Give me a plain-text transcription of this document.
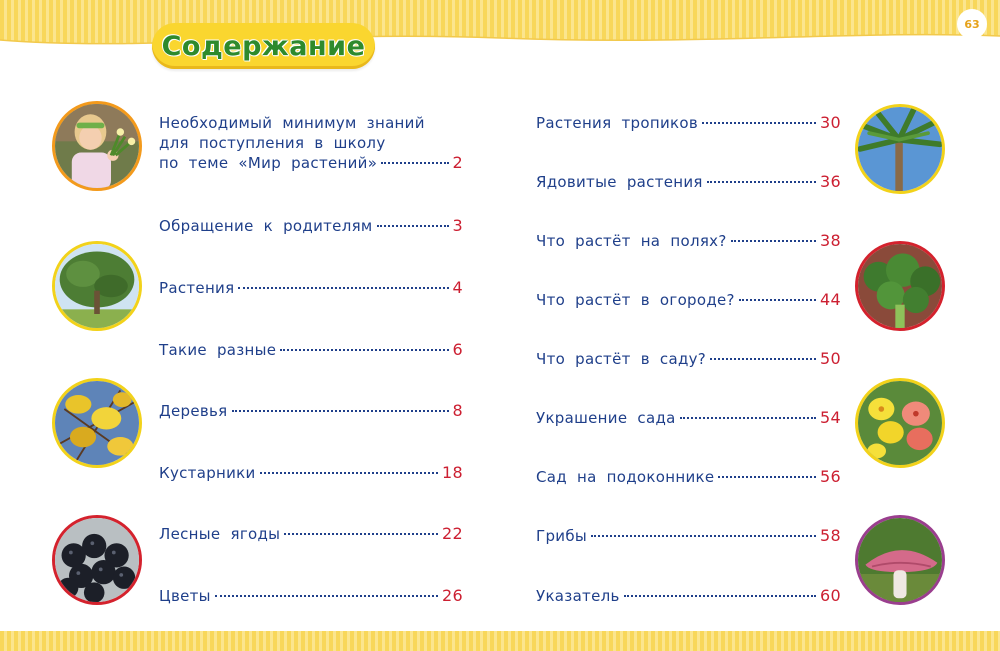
63
Содержание
Необходимый минимум знаний
для поступления в школу
по теме «Мир растений»	2
Обращение к родителям	3
Растения	4
Такие разные	6
Деревья	8
Кустарники	18
Лесные ягоды	22
Цветы	26
Растения тропиков	30
Ядовитые растения	36
Что растёт на полях?	38
Что растёт в огороде?	44
Что растёт в саду?	50
Украшение сада	54
Сад на подоконнике	56
Грибы	58
Указатель	60
